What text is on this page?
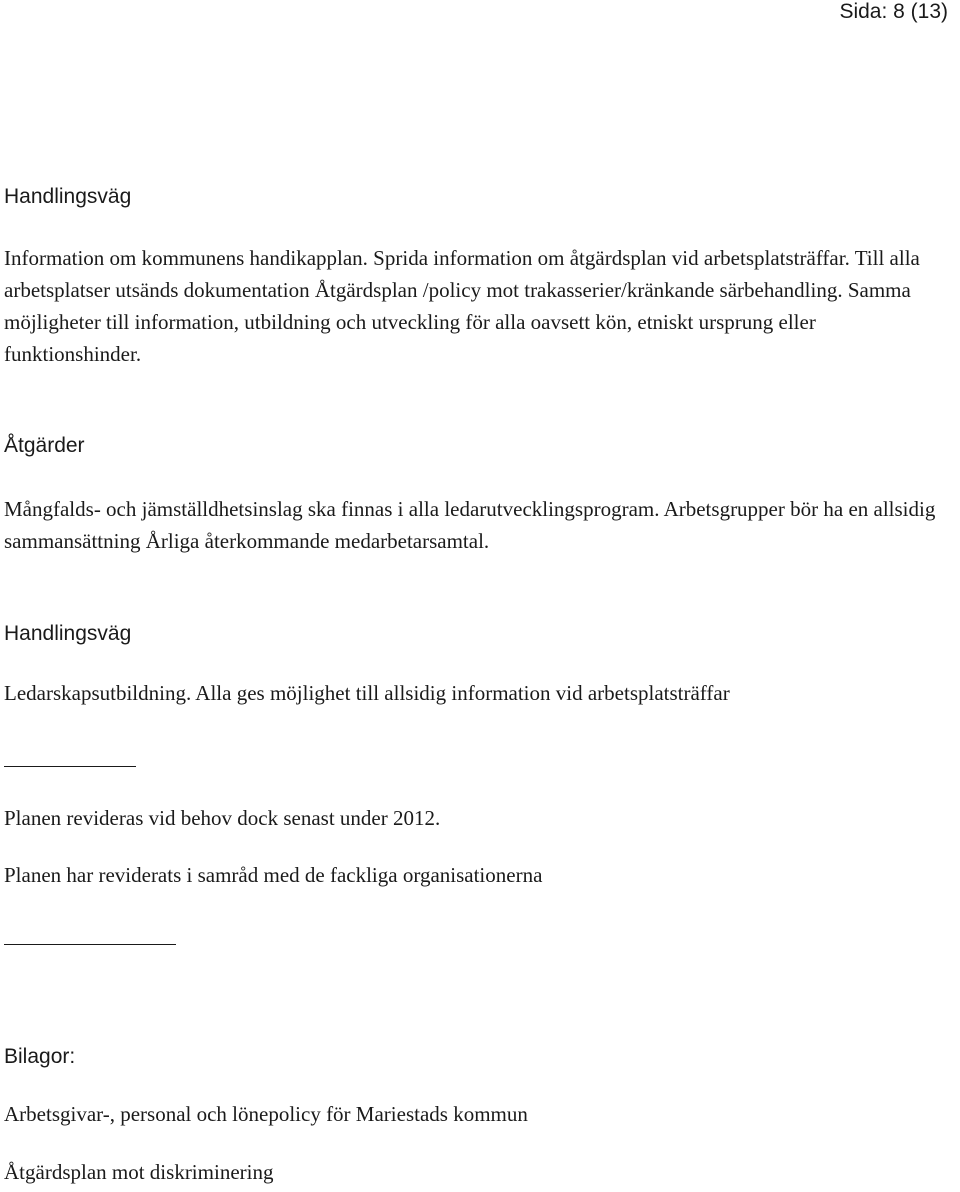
Sida: 8 (13)
Handlingsväg

Information om kommunens handikapplan. Sprida information om åtgärdsplan vid arbetsplatsträffar. Till alla arbetsplatser utsänds dokumentation Åtgärdsplan /policy mot trakasserier/kränkande särbehandling. Samma möjligheter till information, utbildning och utveckling för alla oavsett kön, etniskt ursprung eller funktionshinder.

Åtgärder

Mångfalds- och jämställdhetsinslag ska finnas i alla ledarutvecklingsprogram. Arbetsgrupper bör ha en allsidig sammansättning Årliga återkommande medarbetarsamtal.

Handlingsväg

Ledarskapsutbildning. Alla ges möjlighet till allsidig information vid arbetsplatsträffar

Planen revideras vid behov dock senast under 2012.
Planen har reviderats i samråd med de fackliga organisationerna
Bilagor:
Arbetsgivar-, personal och lönepolicy för Mariestads kommun
Åtgärdsplan mot diskriminering
